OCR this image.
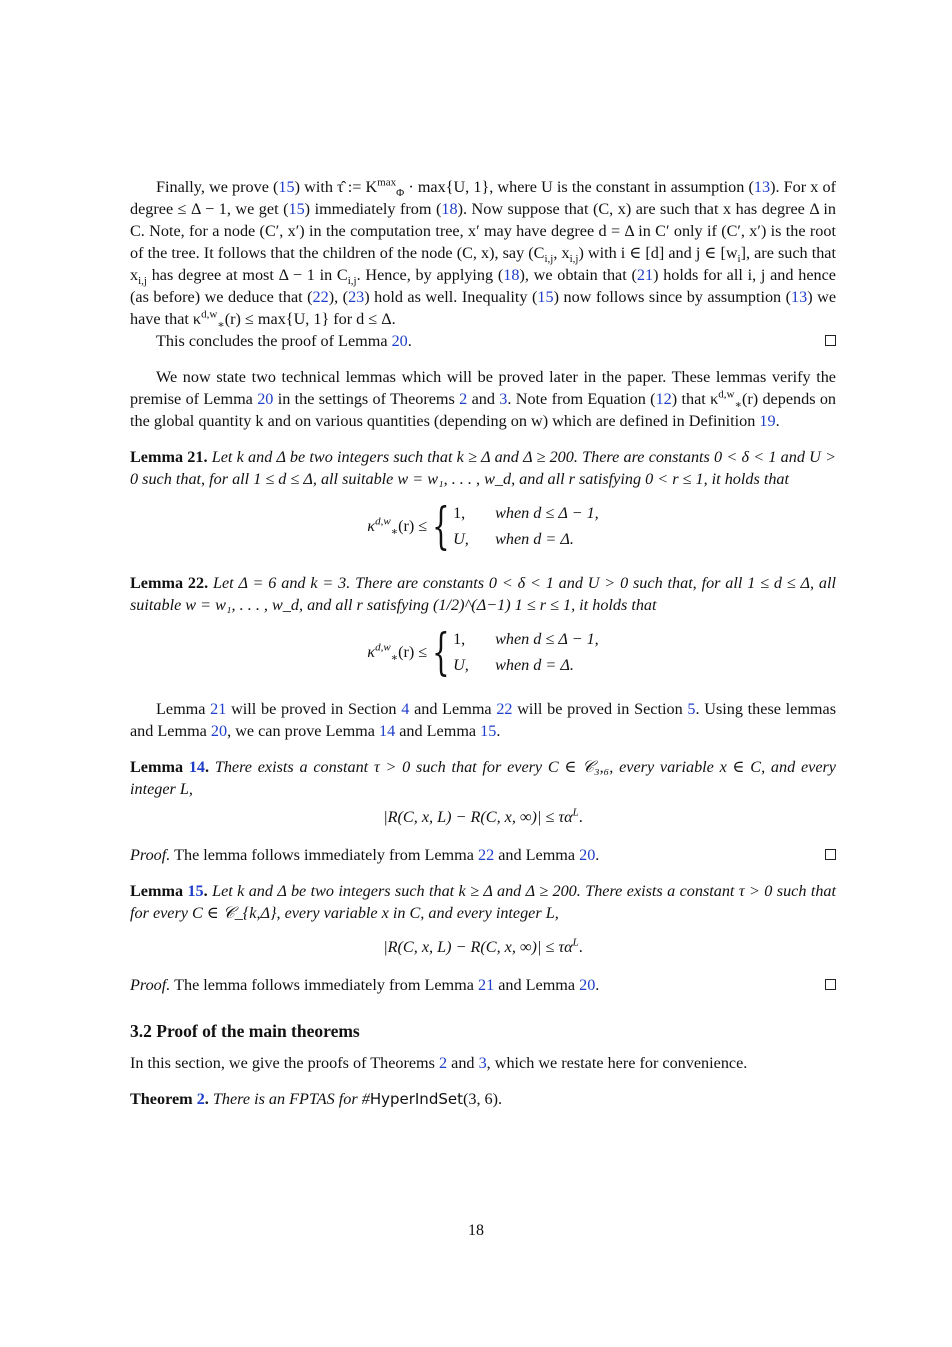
Finally, we prove (15) with τ̂ := $K^{max}_\Phi \cdot \max\{U$, 1}, where U is the constant in assumption (13). For x of degree ≤ Δ − 1, we get (15) immediately from (18). Now suppose that (C, x) are such that x has degree Δ in C. Note, for a node (C′, x′) in the computation tree, x′ may have degree d = Δ in C′ only if (C′, x′) is the root of the tree. It follows that the children of the node (C, x), say ($C_{i,j}$, $x_{i,j}$) with i ∈ [d] and j ∈ $[w_i]$, are such that $x_{i,j}$ has degree at most Δ − 1 in $C_{i,j}$. Hence, by applying (18), we obtain that (21) holds for all i, j and hence (as before) we deduce that (22), (23) hold as well. Inequality (15) now follows since by assumption (13) we have that $\kappa^{d,w}_∗(r) \le \max\{U$, 1} for d ≤ Δ.

This concludes the proof of Lemma 20.

We now state two technical lemmas which will be proved later in the paper. These lemmas verify the premise of Lemma 20 in the settings of Theorems 2 and 3. Note from Equation (12) that $\kappa^{d,w}_∗(r)$ depends on the global quantity k and on various quantities (depending on w) which are defined in Definition 19.

Lemma 21. Let k and Δ be two integers such that k ≥ Δ and Δ ≥ 200. There are constants 0 < δ < 1 and U > 0 such that, for all 1 ≤ d ≤ Δ, all suitable w = w₁, . . . , w_d, and all r satisfying 0 < r ≤ 1, it holds that

$\kappa^{d,w}_∗(r)$ ≤ { 1,	when d ≤ Δ − 1,
U,	when d = Δ.

Lemma 22. Let Δ = 6 and k = 3. There are constants 0 < δ < 1 and U > 0 such that, for all 1 ≤ d ≤ Δ, all suitable w = w₁, . . . , w_d, and all r satisfying (1/2)^(Δ−1) 1 ≤ r ≤ 1, it holds that

$\kappa^{d,w}_∗(r)$ ≤ { 1,	when d ≤ Δ − 1,
U,	when d = Δ.

Lemma 21 will be proved in Section 4 and Lemma 22 will be proved in Section 5. Using these lemmas and Lemma 20, we can prove Lemma 14 and Lemma 15.

Lemma 14. There exists a constant τ > 0 such that for every C ∈ 𝒞₃,₆, every variable x ∈ C, and every integer L,

|R(C, x, L) − R(C, x, ∞)| ≤ $\tau\alpha^L$.

Proof. The lemma follows immediately from Lemma 22 and Lemma 20.

Lemma 15. Let k and Δ be two integers such that k ≥ Δ and Δ ≥ 200. There exists a constant τ > 0 such that for every C ∈ 𝒞_{k,Δ}, every variable x in C, and every integer L,

|R(C, x, L) − R(C, x, ∞)| ≤ $\tau\alpha^L$.

Proof. The lemma follows immediately from Lemma 21 and Lemma 20.

3.2 Proof of the main theorems

In this section, we give the proofs of Theorems 2 and 3, which we restate here for convenience.

Theorem 2. There is an FPTAS for #HyperIndSet(3, 6).

18
